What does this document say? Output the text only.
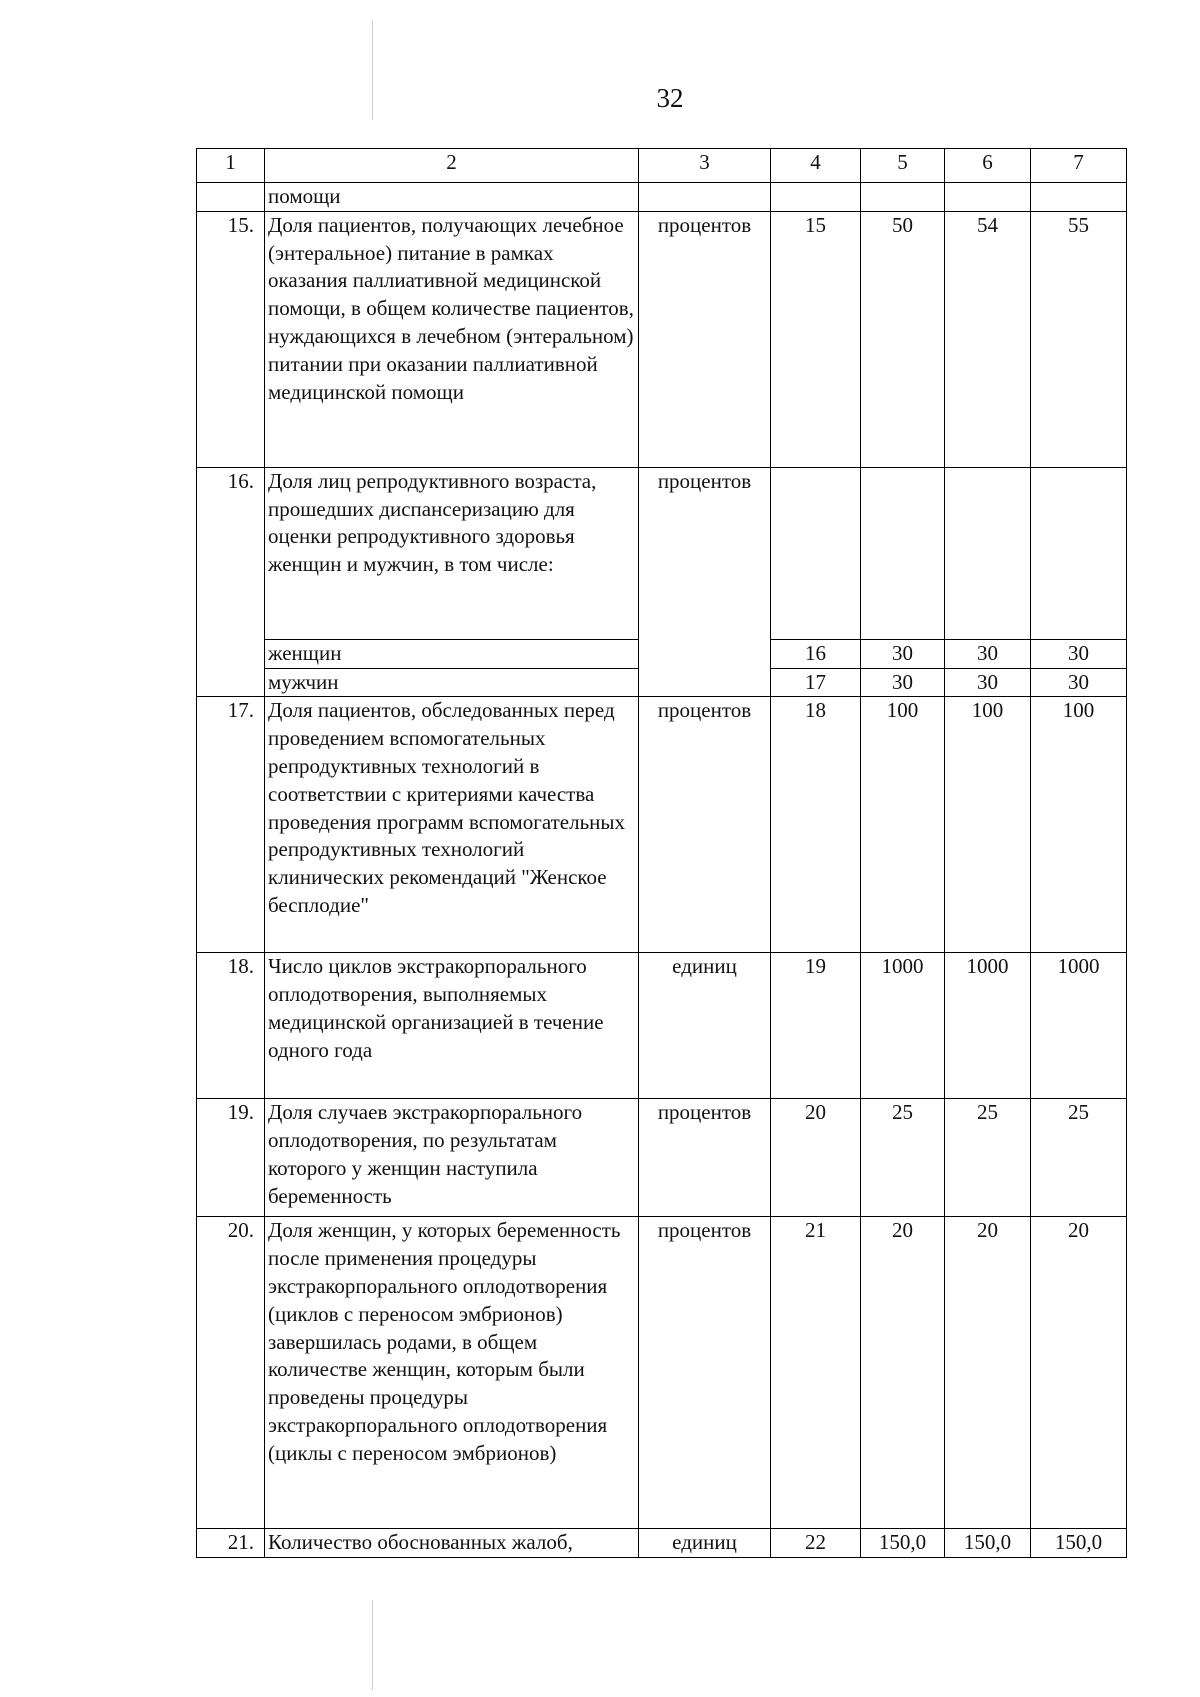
32
1	2	3	4	5	6	7
	помощи					
15.	Доля пациентов, получающих лечебное (энтеральное) питание в рамках оказания паллиативной медицинской помощи, в общем количестве пациентов, нуждающихся в лечебном (энтеральном) питании при оказании паллиативной медицинской помощи	процентов	15	50	54	55
16.	Доля лиц репродуктивного возраста, прошедших диспансеризацию для оценки репродуктивного здоровья женщин и мужчин, в том числе:	процентов				
	женщин		16	30	30	30
	мужчин		17	30	30	30
17.	Доля пациентов, обследованных перед проведением вспомогательных репродуктивных технологий в соответствии с критериями качества проведения программ вспомогательных репродуктивных технологий клинических рекомендаций "Женское бесплодие"	процентов	18	100	100	100
18.	Число циклов экстракорпорального оплодотворения, выполняемых медицинской организацией в течение одного года	единиц	19	1000	1000	1000
19.	Доля случаев экстракорпорального оплодотворения, по результатам которого у женщин наступила беременность	процентов	20	25	25	25
20.	Доля женщин, у которых беременность после применения процедуры экстракорпорального оплодотворения (циклов с переносом эмбрионов) завершилась родами, в общем количестве женщин, которым были проведены процедуры экстракорпорального оплодотворения (циклы с переносом эмбрионов)	процентов	21	20	20	20
21.	Количество обоснованных жалоб,	единиц	22	150,0	150,0	150,0
